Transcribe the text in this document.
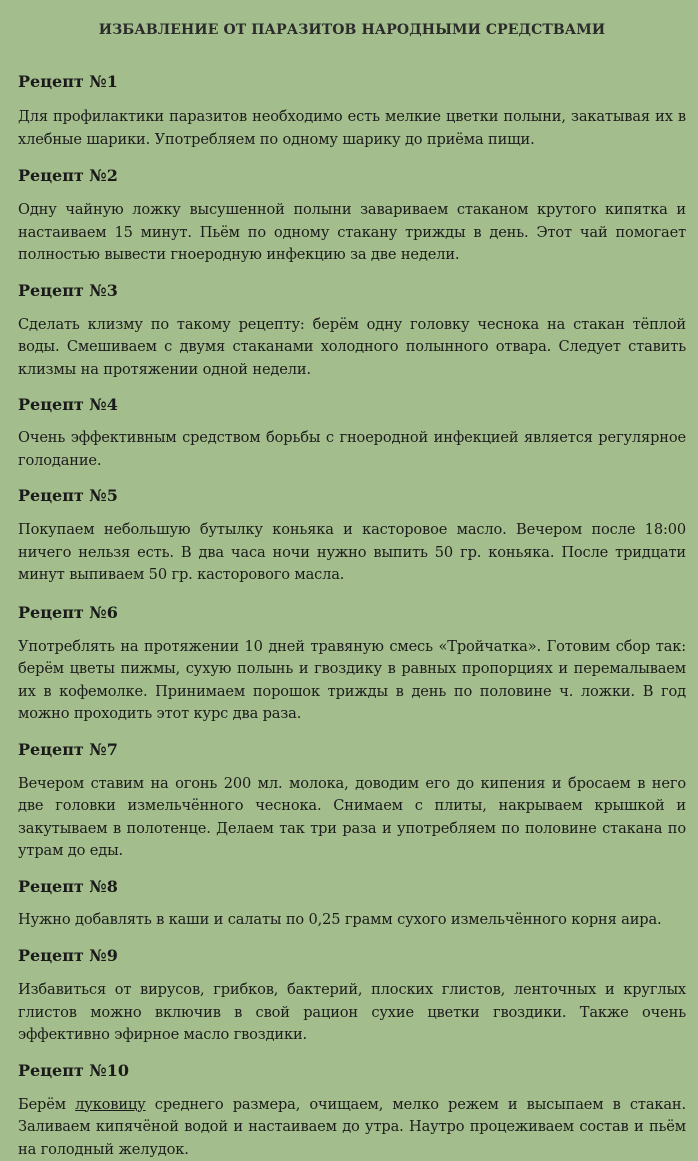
ИЗБАВЛЕНИЕ ОТ ПАРАЗИТОВ НАРОДНЫМИ СРЕДСТВАМИ
Рецепт №1

Для профилактики паразитов необходимо есть мелкие цветки полыни, закатывая их в хлебные шарики. Употребляем по одному шарику до приёма пищи.

Рецепт №2

Одну чайную ложку высушенной полыни завариваем стаканом крутого кипятка и настаиваем 15 минут. Пьём по одному стакану трижды в день. Этот чай помогает полностью вывести гноеродную инфекцию за две недели.

Рецепт №3

Сделать клизму по такому рецепту: берём одну головку чеснока на стакан тёплой воды. Смешиваем с двумя стаканами холодного полынного отвара. Следует ставить клизмы на протяжении одной недели.

Рецепт №4

Очень эффективным средством борьбы с гноеродной инфекцией является регулярное голодание.

Рецепт №5

Покупаем небольшую бутылку коньяка и касторовое масло. Вечером после 18:00 ничего нельзя есть. В два часа ночи нужно выпить 50 гр. коньяка. После тридцати минут выпиваем 50 гр. касторового масла.

Рецепт №6

Употреблять на протяжении 10 дней травяную смесь «Тройчатка». Готовим сбор так: берём цветы пижмы, сухую полынь и гвоздику в равных пропорциях и перемалываем их в кофемолке. Принимаем порошок трижды в день по половине ч. ложки. В год можно проходить этот курс два раза.

Рецепт №7

Вечером ставим на огонь 200 мл. молока, доводим его до кипения и бросаем в него две головки измельчённого чеснока. Снимаем с плиты, накрываем крышкой и закутываем в полотенце. Делаем так три раза и употребляем по половине стакана по утрам до еды.

Рецепт №8

Нужно добавлять в каши и салаты по 0,25 грамм сухого измельчённого корня аира.

Рецепт №9

Избавиться от вирусов, грибков, бактерий, плоских глистов, ленточных и круглых глистов можно включив в свой рацион сухие цветки гвоздики. Также очень эффективно эфирное масло гвоздики.

Рецепт №10

Берём луковицу среднего размера, очищаем, мелко режем и высыпаем в стакан. Заливаем кипячёной водой и настаиваем до утра. Наутро процеживаем состав и пьём на голодный желудок.
